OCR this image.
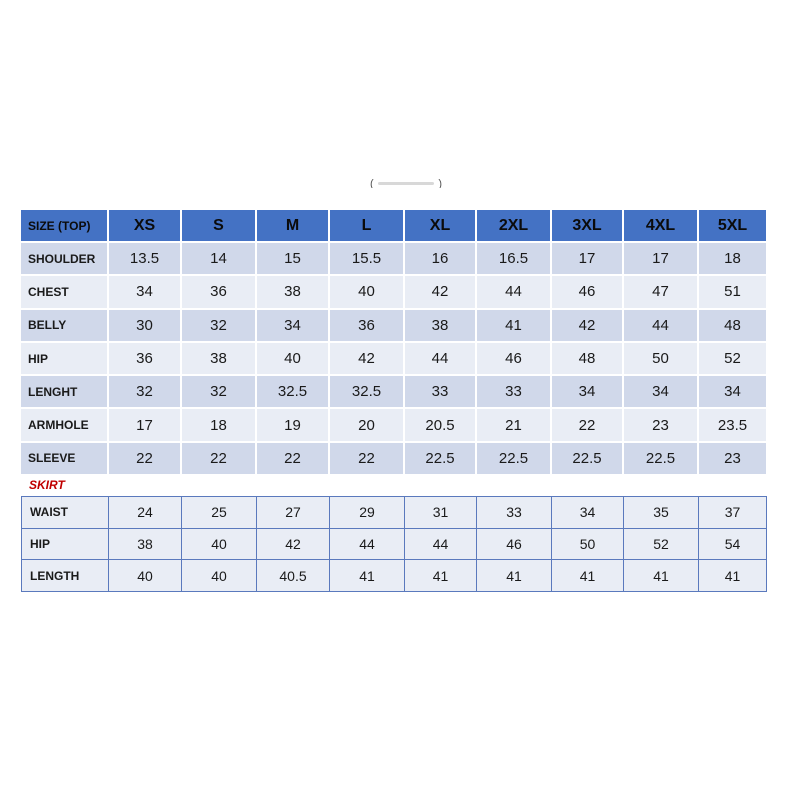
(	)
SIZE (TOP)	XS	S	M	L	XL	2XL	3XL	4XL	5XL
SHOULDER	13.5	14	15	15.5	16	16.5	17	17	18
CHEST	34	36	38	40	42	44	46	47	51
BELLY	30	32	34	36	38	41	42	44	48
HIP	36	38	40	42	44	46	48	50	52
LENGHT	32	32	32.5	32.5	33	33	34	34	34
ARMHOLE	17	18	19	20	20.5	21	22	23	23.5
SLEEVE	22	22	22	22	22.5	22.5	22.5	22.5	23
SKIRT
WAIST	24	25	27	29	31	33	34	35	37
HIP	38	40	42	44	44	46	50	52	54
LENGTH	40	40	40.5	41	41	41	41	41	41
